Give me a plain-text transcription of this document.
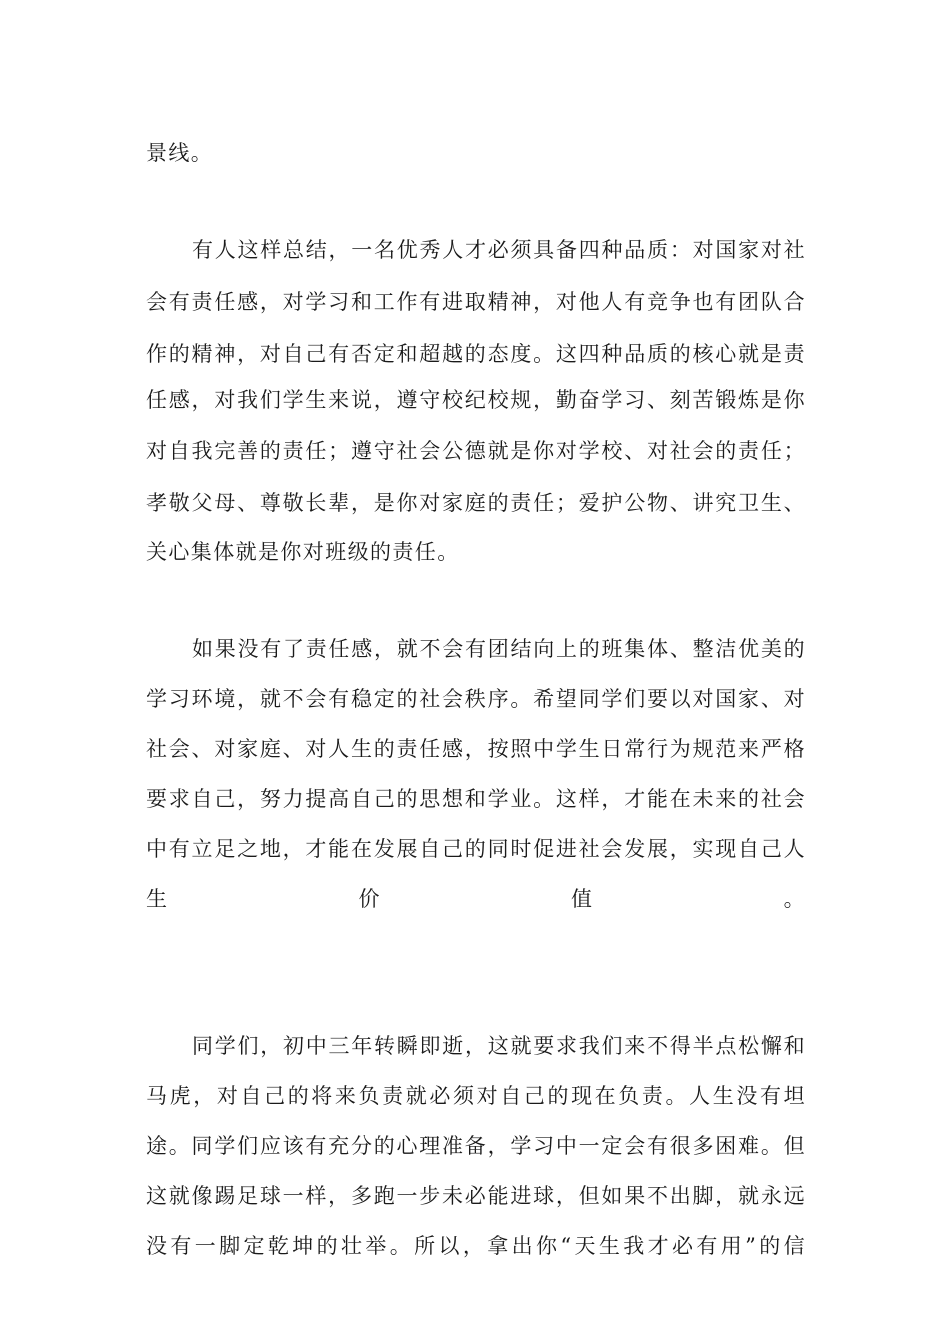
景线。
有人这样总结，一名优秀人才必须具备四种品质：对国家对社
会有责任感，对学习和工作有进取精神，对他人有竞争也有团队合
作的精神，对自己有否定和超越的态度。这四种品质的核心就是责
任感，对我们学生来说，遵守校纪校规，勤奋学习、刻苦锻炼是你
对自我完善的责任；遵守社会公德就是你对学校、对社会的责任；
孝敬父母、尊敬长辈，是你对家庭的责任；爱护公物、讲究卫生、
关心集体就是你对班级的责任。
如果没有了责任感，就不会有团结向上的班集体、整洁优美的
学习环境，就不会有稳定的社会秩序。希望同学们要以对国家、对
社会、对家庭、对人生的责任感，按照中学生日常行为规范来严格
要求自己，努力提高自己的思想和学业。这样，才能在未来的社会
中有立足之地，才能在发展自己的同时促进社会发展，实现自己人
生价值。
同学们，初中三年转瞬即逝，这就要求我们来不得半点松懈和
马虎，对自己的将来负责就必须对自己的现在负责。人生没有坦
途。同学们应该有充分的心理准备，学习中一定会有很多困难。但
这就像踢足球一样，多跑一步未必能进球，但如果不出脚，就永远
没有一脚定乾坤的壮举。所以，拿出你“天生我才必有用”的信
